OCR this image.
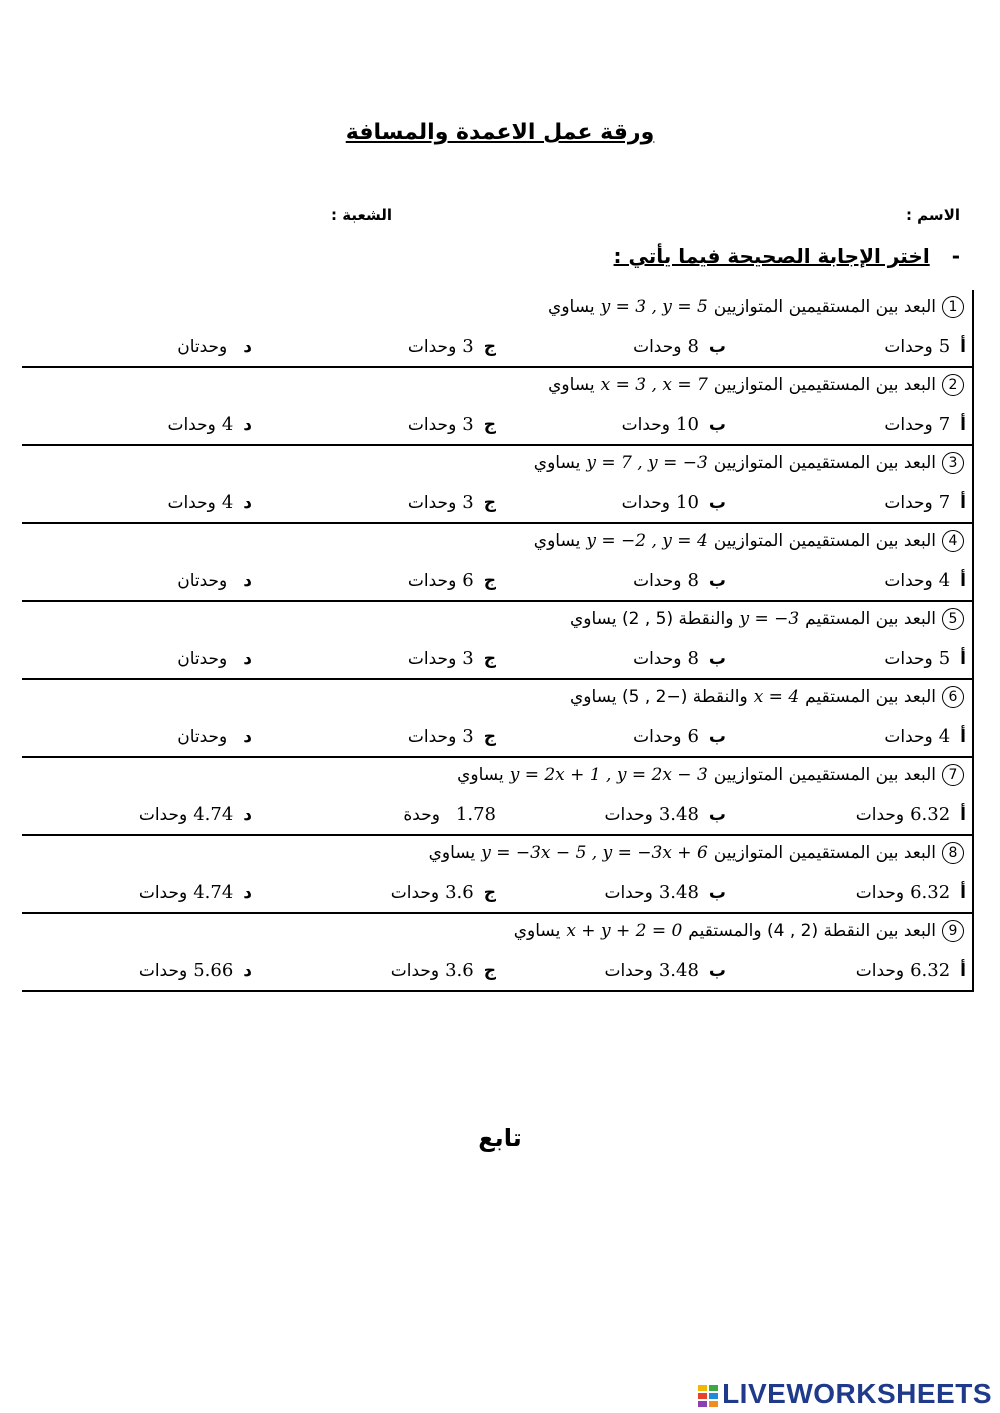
ورقة عمل الاعمدة والمسافة
الاسم :
الشعبة :
-اختر الإجابة الصحيحة فيما يأتي :
1البعد بين المستقيمين المتوازيينy = 3 , y = 5يساوي
أ5وحدات
ب8وحدات
ج3وحدات
دوحدتان
2البعد بين المستقيمين المتوازيينx = 3 , x = 7يساوي
أ7وحدات
ب10وحدات
ج3وحدات
د4وحدات
3البعد بين المستقيمين المتوازيينy = 7 , y = −3يساوي
أ7وحدات
ب10وحدات
ج3وحدات
د4وحدات
4البعد بين المستقيمين المتوازيينy = −2 , y = 4يساوي
أ4وحدات
ب8وحدات
ج6وحدات
دوحدتان
5البعد بين المستقيمy = −3والنقطة (5 , 2) يساوي
أ5وحدات
ب8وحدات
ج3وحدات
دوحدتان
6البعد بين المستقيمx = 4والنقطة (−2 , 5) يساوي
أ4وحدات
ب6وحدات
ج3وحدات
دوحدتان
7البعد بين المستقيمين المتوازيينy = 2x + 1 , y = 2x − 3يساوي
أ6.32وحدات
ب3.48وحدات
1.78وحدة
د4.74وحدات
8البعد بين المستقيمين المتوازيينy = −3x − 5 , y = −3x + 6يساوي
أ6.32وحدات
ب3.48وحدات
ج3.6وحدات
د4.74وحدات
9البعد بين النقطة (2 , 4) والمستقيمx + y + 2 = 0يساوي
أ6.32وحدات
ب3.48وحدات
ج3.6وحدات
د5.66وحدات
تابع
LIVEWORKSHEETS
